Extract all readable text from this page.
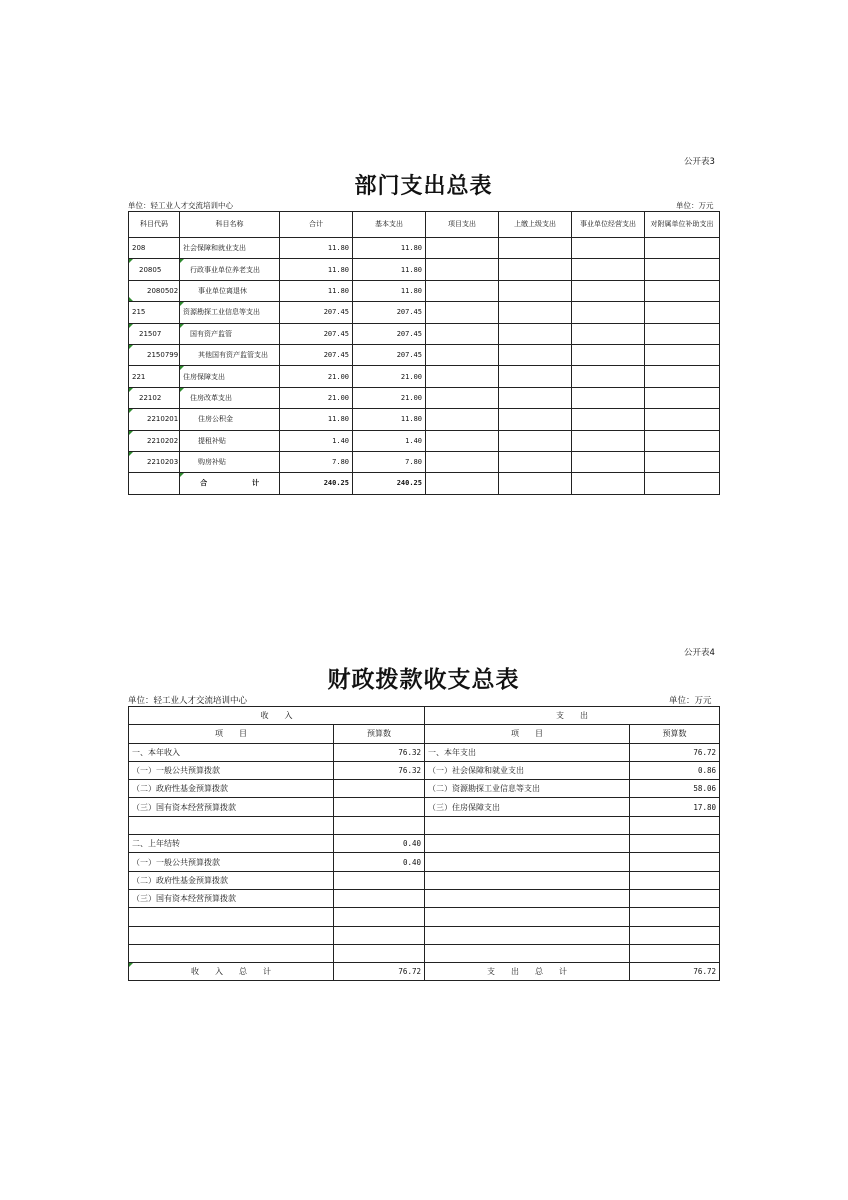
公开表3
部门支出总表
单位：轻工业人才交流培训中心	单位：万元
科目代码	科目名称	合计	基本支出	项目支出	上缴上级支出	事业单位经营支出	对附属单位补助支出
208	社会保障和就业支出	11.80	11.80				
20805	行政事业单位养老支出	11.80	11.80				
2080502	事业单位离退休	11.80	11.80				
215	资源勘探工业信息等支出	207.45	207.45				
21507	国有资产监管	207.45	207.45				
2150799	其他国有资产监管支出	207.45	207.45				
221	住房保障支出	21.00	21.00				
22102	住房改革支出	21.00	21.00				
2210201	住房公积金	11.80	11.80				
2210202	提租补贴	1.40	1.40				
2210203	购房补贴	7.80	7.80				
	合 计	240.25	240.25				
公开表4
财政拨款收支总表
单位：轻工业人才交流培训中心	单位：万元
收　　入		支　　出	
项　　目	预算数	项　　目	预算数
一、本年收入	76.32	一、本年支出	76.72
（一）一般公共预算拨款	76.32	（一）社会保障和就业支出	0.86
（二）政府性基金预算拨款		（二）资源勘探工业信息等支出	58.06
（三）国有资本经营预算拨款		（三）住房保障支出	17.80

二、上年结转	0.40		
（一）一般公共预算拨款	0.40		
（二）政府性基金预算拨款			
（三）国有资本经营预算拨款			

收　　入　　总　　计	76.72	支　　出　　总　　计	76.72
